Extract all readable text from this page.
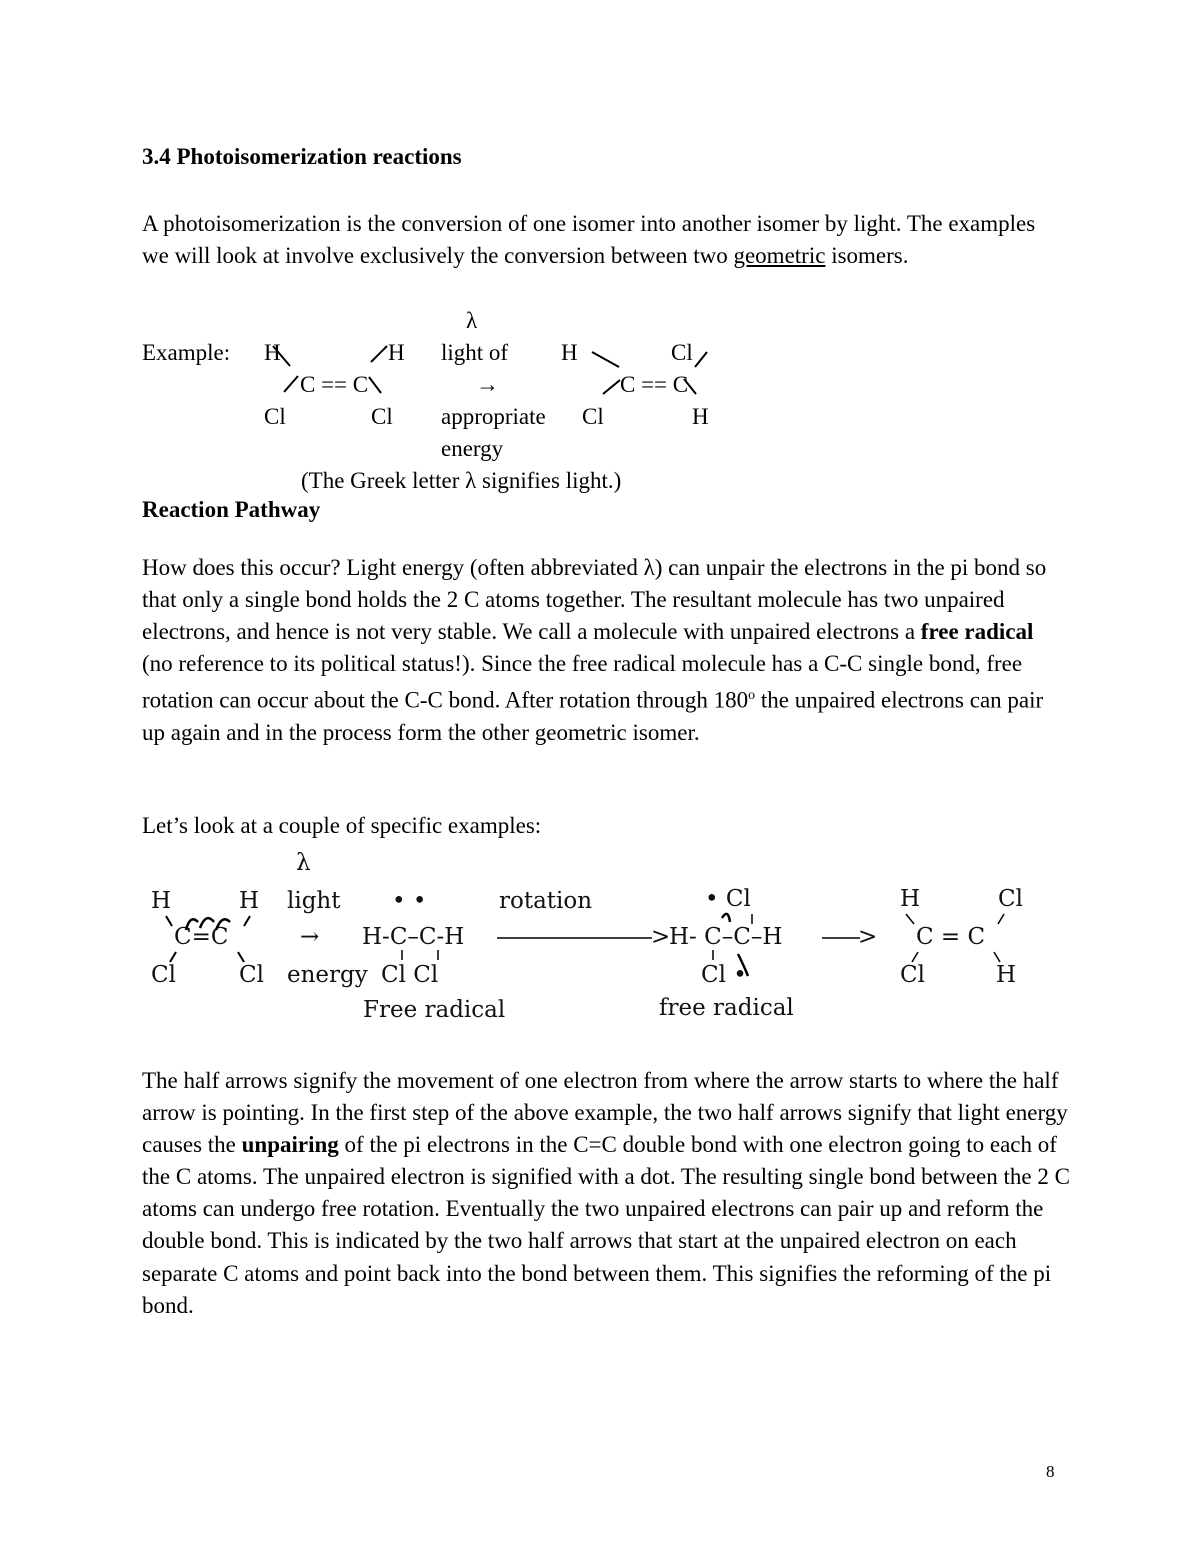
3.4 Photoisomerization reactions
A photoisomerization is the conversion of one isomer into another isomer by light. The examples we will look at involve exclusively the conversion between two geometric isomers.
λ
Example: H	H
C == C
Cl	Cl
light of
→
appropriate
energy
H	Cl
C == C
Cl	H
(The Greek letter λ signifies light.)
Reaction Pathway
How does this occur? Light energy (often abbreviated λ) can unpair the electrons in the pi bond so that only a single bond holds the 2 C atoms together. The resultant molecule has two unpaired electrons, and hence is not very stable. We call a molecule with unpaired electrons a free radical (no reference to its political status!). Since the free radical molecule has a C-C single bond, free rotation can occur about the C-C bond. After rotation through 180$^o$ the unpaired electrons can pair up again and in the process form the other geometric isomer.
Let’s look at a couple of specific examples:
λ
H	H
C=C
Cl	Cl
light
→
energy
• •
H-C–C-H
Cl Cl
Free radical
rotation
>
• Cl
H- C–C–H
Cl •
free radical
>
H	Cl
C = C
Cl	H
The half arrows signify the movement of one electron from where the arrow starts to where the half arrow is pointing. In the first step of the above example, the two half arrows signify that light energy causes the unpairing of the pi electrons in the C=C double bond with one electron going to each of the C atoms. The unpaired electron is signified with a dot. The resulting single bond between the 2 C atoms can undergo free rotation. Eventually the two unpaired electrons can pair up and reform the double bond. This is indicated by the two half arrows that start at the unpaired electron on each separate C atoms and point back into the bond between them. This signifies the reforming of the pi bond.
8
